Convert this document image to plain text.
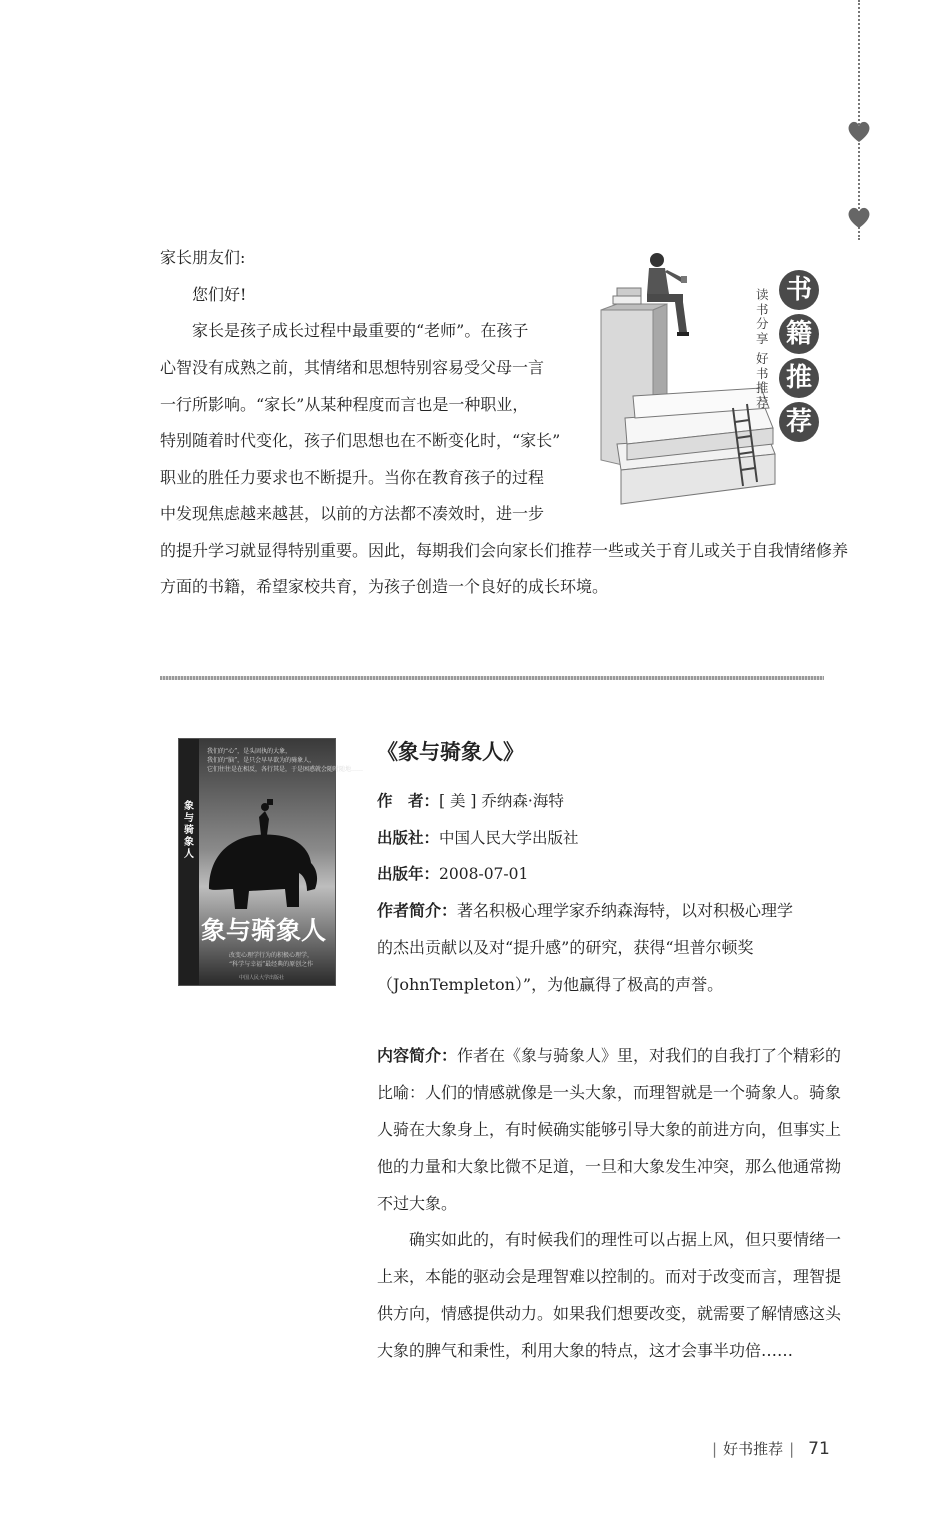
家长朋友们:
您们好!
家长是孩子成长过程中最重要的“老师”。在孩子
心智没有成熟之前，其情绪和思想特别容易受父母一言
一行所影响。“家长”从某种程度而言也是一种职业，
特别随着时代变化，孩子们思想也在不断变化时，“家长”
职业的胜任力要求也不断提升。当你在教育孩子的过程
中发现焦虑越来越甚，以前的方法都不凑效时，进一步
的提升学习就显得特别重要。因此，每期我们会向家长们推荐一些或关于育儿或关于自我情绪修养
方面的书籍，希望家校共育，为孩子创造一个良好的成长环境。
读书分享
好书推荐
书
籍
推
荐
我们的“心”，是头固执的大象，
我们的“脑”，是只会早早欲为的骑象人，
它们往往是在相反，各行其是，于是困惑就会随时随地……
象与骑象人
象与骑象人
改变心理学行为的积极心理学，
“科学与幸福”最经典的原创之作
中国人民大学出版社
《象与骑象人》
作　者：[ 美 ] 乔纳森·海特
出版社：中国人民大学出版社
出版年：2008-07-01
作者简介：著名积极心理学家乔纳森海特，以对积极心理学
的杰出贡献以及对“提升感”的研究，获得“坦普尔顿奖
（JohnTempleton）”，为他赢得了极高的声誉。
内容简介：作者在《象与骑象人》里，对我们的自我打了个精彩的
比喻：人们的情感就像是一头大象，而理智就是一个骑象人。骑象
人骑在大象身上，有时候确实能够引导大象的前进方向，但事实上
他的力量和大象比微不足道，一旦和大象发生冲突，那么他通常拗
不过大象。
确实如此的，有时候我们的理性可以占据上风，但只要情绪一
上来，本能的驱动会是理智难以控制的。而对于改变而言，理智提
供方向，情感提供动力。如果我们想要改变，就需要了解情感这头
大象的脾气和秉性，利用大象的特点，这才会事半功倍……
| 好书推荐 | 71
